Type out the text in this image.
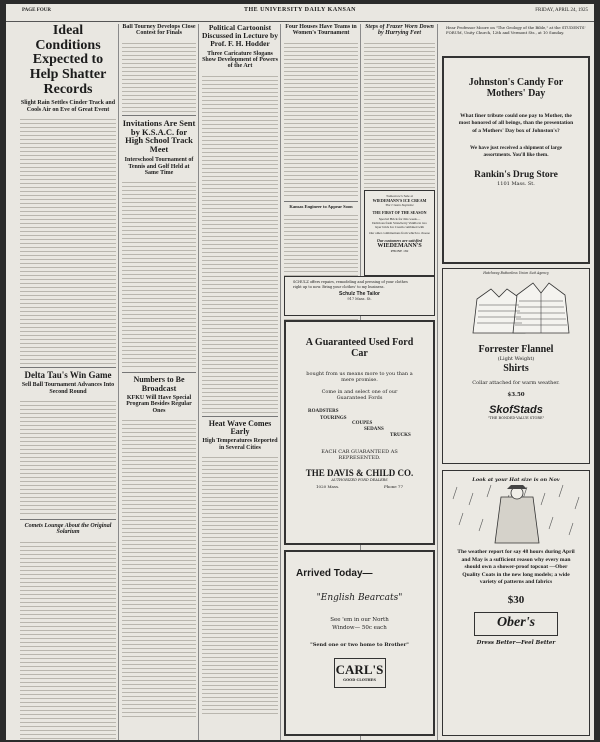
PAGE FOUR	THE UNIVERSITY DAILY KANSAN	FRIDAY, APRIL 24, 1925
Ideal Conditions Expected to Help Shatter Records
Slight Rain Settles Cinder Track and Cools Air on Eve of Great Event
Delta Tau's Win Game
Sell Ball Tournament Advances Into Second Round
Comets Lounge About the Original Solarium
Ball Tourney Develops Close Contest for Finals
Invitations Are Sent by K.S.A.C. for High School Track Meet
Interschool Tournament of Tennis and Golf Held at Same Time
Numbers to Be Broadcast
KFKU Will Have Special Program Besides Regular Ones
Political Cartoonist Discussed in Lecture by Prof. F. H. Hodder
Three Caricature Slogans Show Development of Powers of the Art
Heat Wave Comes Early
High Temperatures Reported in Several Cities
Four Houses Have Teams in Women's Tournament
Kansas Engineer to Appear Soon
Steps of Frazer Worn Down by Hurrying Feet
Tomorrow's Sale at
WIEDEMANN'S ICE CREAM
The Cream Supreme
THE FIRST OF THE SEASON
Special Brick for this week—
Delicious fresh Strawberry Vanilla in two layer brick Ice Cream combined with
Our other combinations from which to choose
Our customers are satisfied
WIEDEMANN'S
PHONE 182
SCHULZ offers repairs, remodeling and pressing of your clothes right up to now. Bring your clothes' to my business.
Schulz The Tailor
917 Mass. St.
A Guaranteed Used Ford Car
bought from us means more to you than a mere promise.
Come in and select one of our Guaranteed Fords
ROADSTERS
TOURINGS
COUPES
SEDANS
TRUCKS
EACH CAR GUARANTEED AS REPRESENTED.
THE DAVIS & CHILD CO.
AUTHORIZED FORD DEALERS
1020 Mass.	Phone 77
Arrived Today—
"English Bearcats"
See 'em in our North Window— 50c each
"Send one or two home to Brother"
CARL'S
GOOD CLOTHES
Hear Professor Moore on "The Geology of the Bible," at the STUDENTS' FORUM, Unity Church, 12th and Vermont Sts., at 10 Sunday.
Johnston's Candy For Mothers' Day
What finer tribute could one pay to Mother, the most honored of all beings, than the presentation of a Mothers' Day box of Johnston's?
We have just received a shipment of large assortments. You'll like them.
Rankin's Drug Store
1101 Mass. St.
Hatchway Buttonless Union Suit Agency
Forrester Flannel
(Light Weight)
Shirts
Collar attached for warm weather.
$3.50
SkofStads
"THE BONDED-VALUE STORE"
Look at your Hat size is on Nov
The weather report for say 48 hours during April and May is a sufficient reason why every man should own a shower-proof topcoat —Ober Quality Coats in the new long models; a wide variety of patterns and fabrics
$30
Ober's
Dress Better—Feel Better
